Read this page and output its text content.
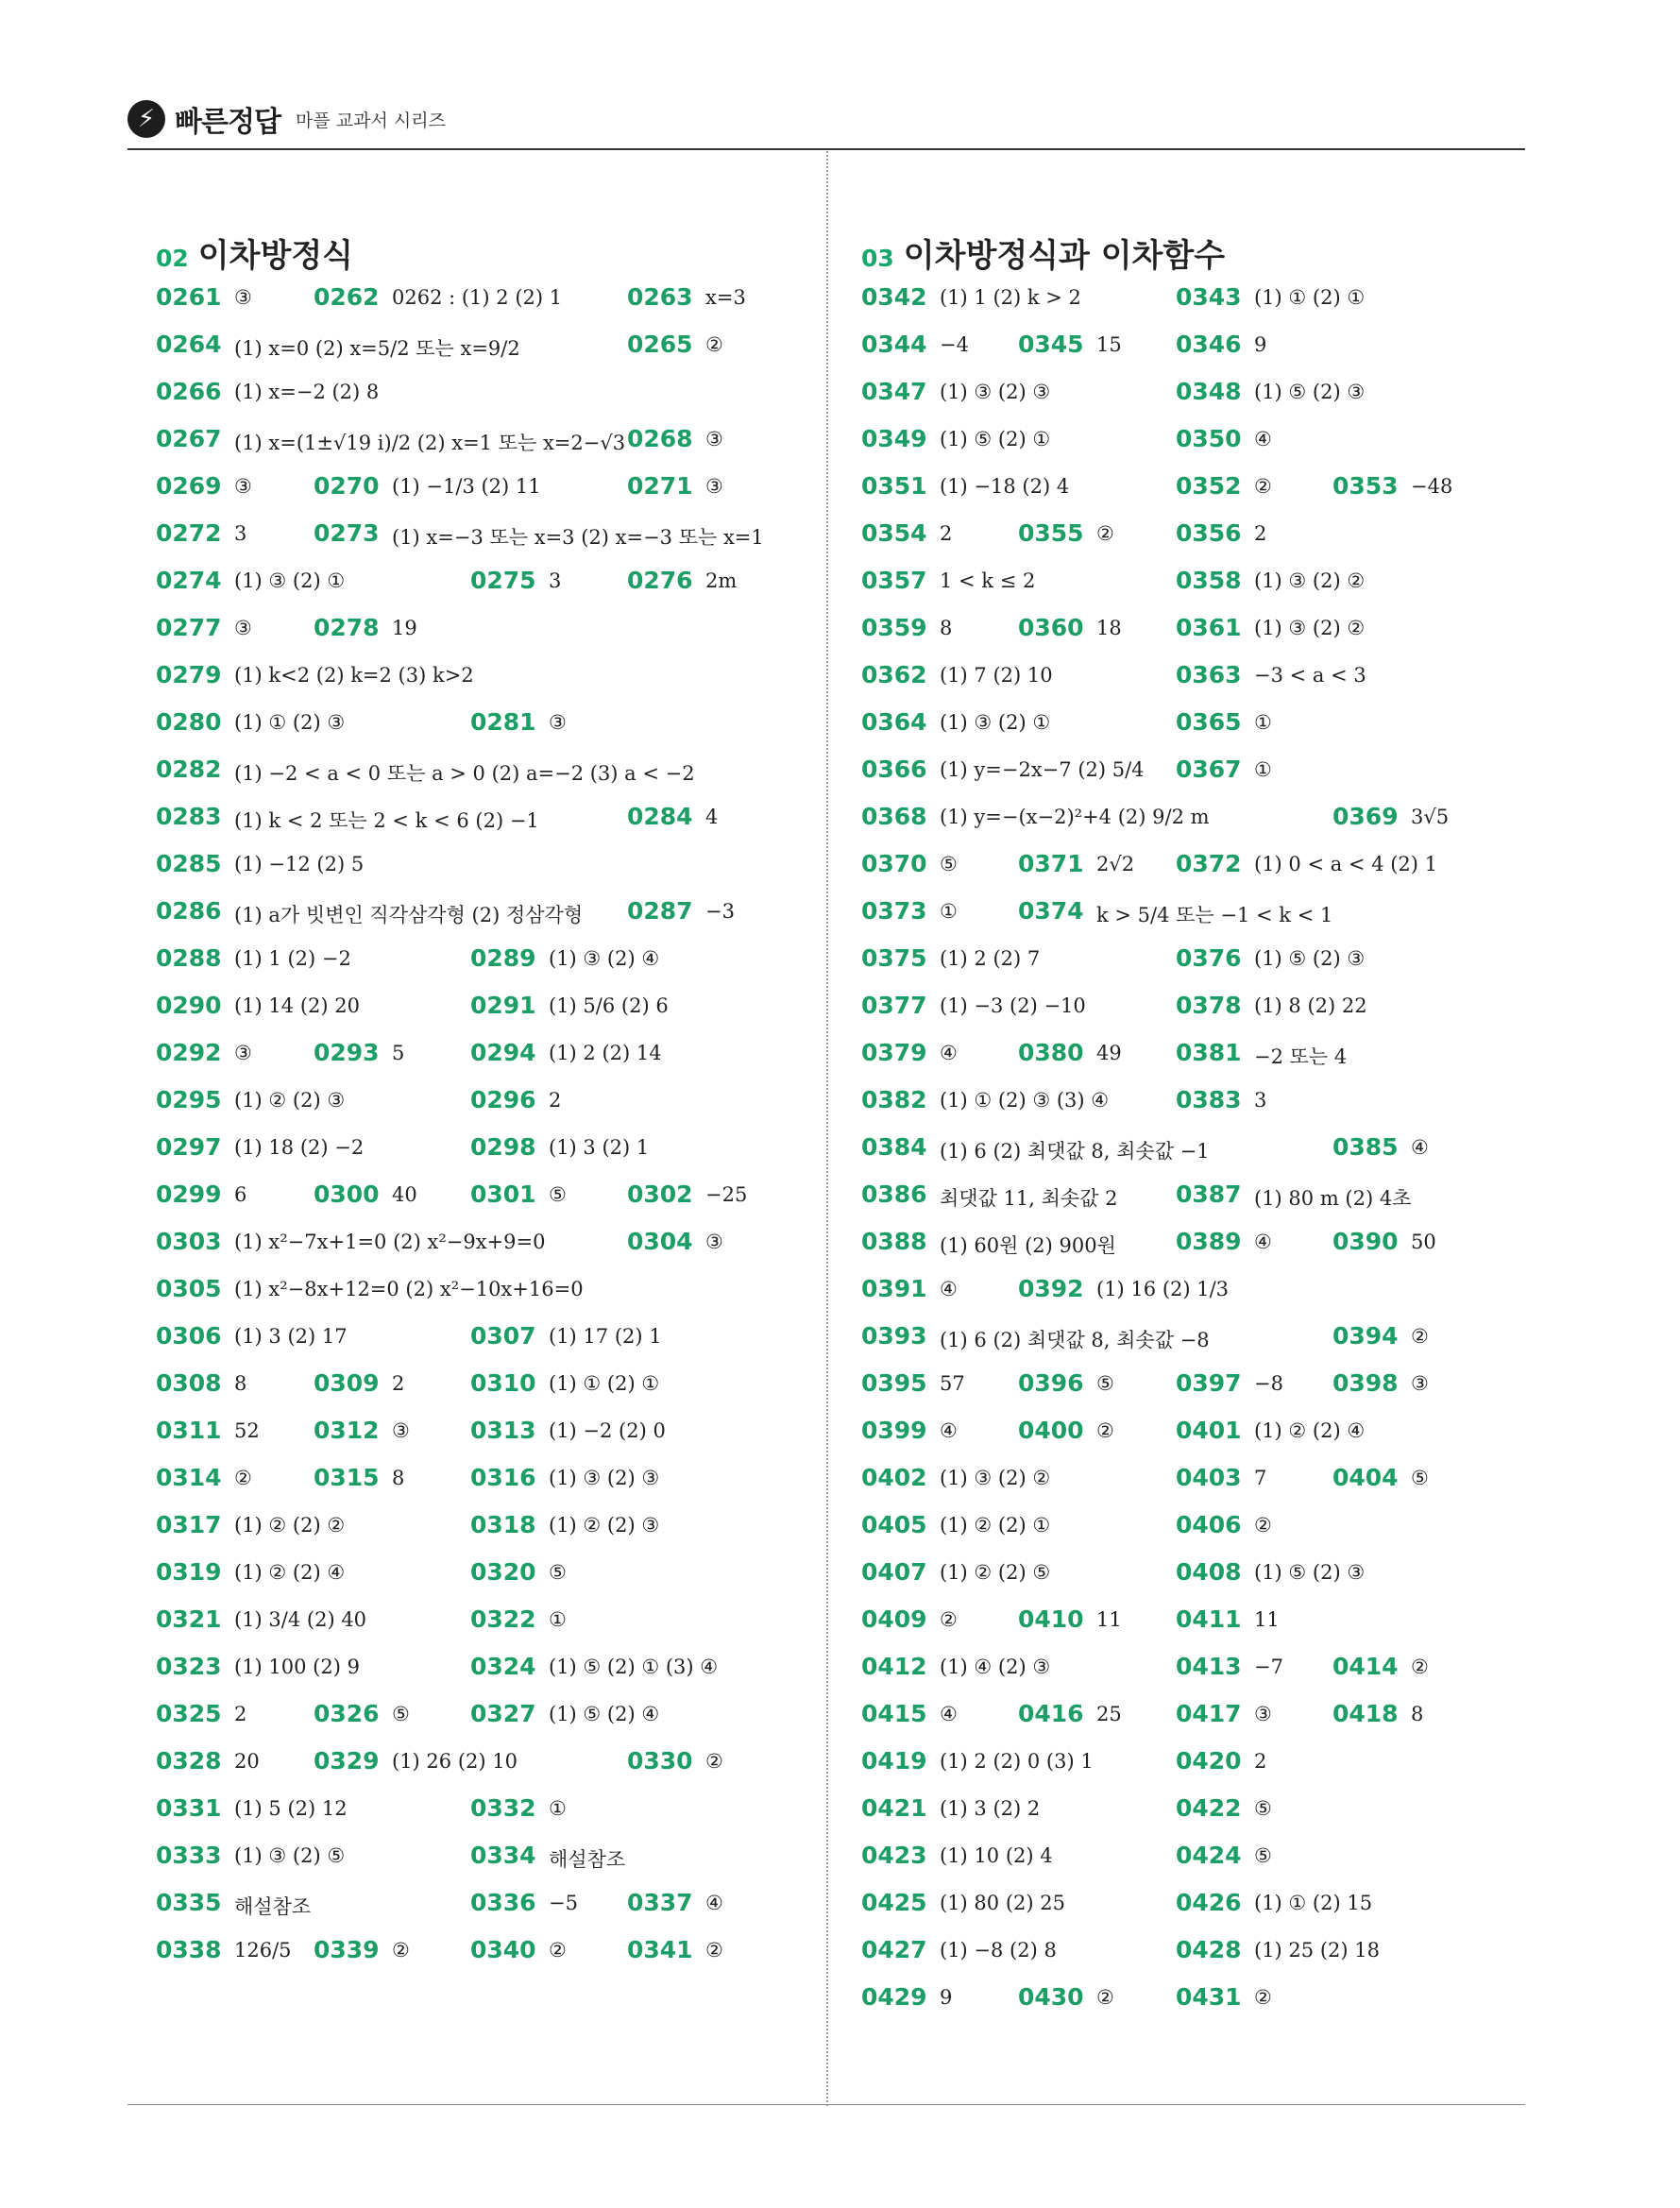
⚡ 빠른정답 마플 교과서 시리즈
02 이차방정식	03 이차방정식과 이차함수
0261 ③	0262 0262 : (1) 2 (2) 1	0263 x=3
0264 (1) x=0 (2) x=5/2 또는 x=9/2	0265 ②
0266 (1) x=−2 (2) 8
0267 (1) x=(1±√19 i)/2 (2) x=1 또는 x=2−√3 0268 ③
0269 ③	0270 (1) −1/3 (2) 11	0271 ③
0272 3	0273 (1) x=−3 또는 x=3 (2) x=−3 또는 x=1
0274 (1) ③ (2) ①	0275 3	0276 2m
0277 ③	0278 19
0279 (1) k<2 (2) k=2 (3) k>2
0280 (1) ① (2) ③	0281 ③
0282 (1) −2 < a < 0 또는 a > 0 (2) a=−2 (3) a < −2
0283 (1) k < 2 또는 2 < k < 6 (2) −1	0284 4
0285 (1) −12 (2) 5
0286 (1) a가 빗변인 직각삼각형 (2) 정삼각형 0287 −3
0288 (1) 1 (2) −2	0289 (1) ③ (2) ④
0290 (1) 14 (2) 20	0291 (1) 5/6 (2) 6
0292 ③	0293 5	0294 (1) 2 (2) 14
0295 (1) ② (2) ③	0296 2
0297 (1) 18 (2) −2	0298 (1) 3 (2) 1
0299 6	0300 40 0301 ⑤	0302 −25
0303 (1) x²−7x+1=0 (2) x²−9x+9=0	0304 ③
0305 (1) x²−8x+12=0 (2) x²−10x+16=0
0306 (1) 3 (2) 17	0307 (1) 17 (2) 1
0308 8	0309 2	0310 (1) ① (2) ①
0311 52 0312 ③	0313 (1) −2 (2) 0
0314 ②	0315 8	0316 (1) ③ (2) ③
0317 (1) ② (2) ②	0318 (1) ② (2) ③
0319 (1) ② (2) ④	0320 ⑤
0321 (1) 3/4 (2) 40	0322 ①
0323 (1) 100 (2) 9	0324 (1) ⑤ (2) ① (3) ④
0325 2	0326 ⑤	0327 (1) ⑤ (2) ④
0328 20 0329 (1) 26 (2) 10	0330 ②
0331 (1) 5 (2) 12	0332 ①
0333 (1) ③ (2) ⑤	0334 해설참조
0335 해설참조	0336 −5 0337 ④
0338 126/5 0339 ②	0340 ②	0341 ②
0342 (1) 1 (2) k > 2	0343 (1) ① (2) ①
0344 −4 0345 15 0346 9
0347 (1) ③ (2) ③	0348 (1) ⑤ (2) ③
0349 (1) ⑤ (2) ①	0350 ④
0351 (1) −18 (2) 4	0352 ②	0353 −48
0354 2	0355 ②	0356 2
0357 1 < k ≤ 2	0358 (1) ③ (2) ②
0359 8	0360 18 0361 (1) ③ (2) ②
0362 (1) 7 (2) 10	0363 −3 < a < 3
0364 (1) ③ (2) ①	0365 ①
0366 (1) y=−2x−7 (2) 5/4 0367 ①
0368 (1) y=−(x−2)²+4 (2) 9/2 m	0369 3√5
0370 ⑤	0371 2√2 0372 (1) 0 < a < 4 (2) 1
0373 ①	0374 k > 5/4 또는 −1 < k < 1
0375 (1) 2 (2) 7	0376 (1) ⑤ (2) ③
0377 (1) −3 (2) −10	0378 (1) 8 (2) 22
0379 ④	0380 49 0381 −2 또는 4
0382 (1) ① (2) ③ (3) ④	0383 3
0384 (1) 6 (2) 최댓값 8, 최솟값 −1	0385 ④
0386 최댓값 11, 최솟값 2 0387 (1) 80 m (2) 4초
0388 (1) 60원 (2) 900원	0389 ④	0390 50
0391 ④	0392 (1) 16 (2) 1/3
0393 (1) 6 (2) 최댓값 8, 최솟값 −8	0394 ②
0395 57 0396 ⑤	0397 −8 0398 ③
0399 ④	0400 ②	0401 (1) ② (2) ④
0402 (1) ③ (2) ②	0403 7	0404 ⑤
0405 (1) ② (2) ①	0406 ②
0407 (1) ② (2) ⑤	0408 (1) ⑤ (2) ③
0409 ②	0410 11 0411 11
0412 (1) ④ (2) ③	0413 −7 0414 ②
0415 ④	0416 25 0417 ③	0418 8
0419 (1) 2 (2) 0 (3) 1	0420 2
0421 (1) 3 (2) 2	0422 ⑤
0423 (1) 10 (2) 4	0424 ⑤
0425 (1) 80 (2) 25	0426 (1) ① (2) 15
0427 (1) −8 (2) 8	0428 (1) 25 (2) 18
0429 9	0430 ②	0431 ②
